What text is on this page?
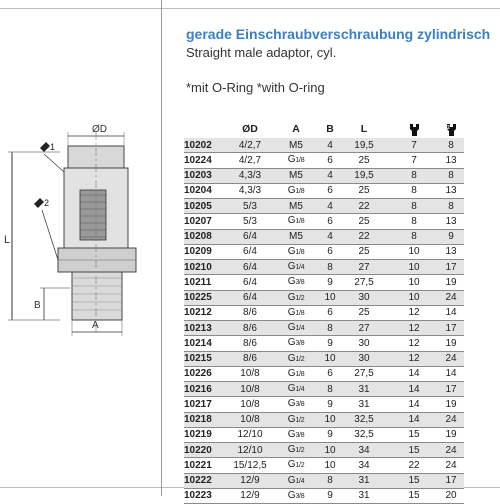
gerade Einschraubverschraubung zylindrisch
Straight male adaptor, cyl.
*mit O-Ring *with O-ring
L
B
ØD
A
1
2
	ØD	A	B	L		2

10202	4/2,7	M5	4	19,5	7	8
10224	4/2,7	G1/8	6	25	7	13
10203	4,3/3	M5	4	19,5	8	8
10204	4,3/3	G1/8	6	25	8	13
10205	5/3	M5	4	22	8	8
10207	5/3	G1/8	6	25	8	13
10208	6/4	M5	4	22	8	9
10209	6/4	G1/8	6	25	10	13
10210	6/4	G1/4	8	27	10	17
10211	6/4	G3/8	9	27,5	10	19
10225	6/4	G1/2	10	30	10	24
10212	8/6	G1/8	6	25	12	14
10213	8/6	G1/4	8	27	12	17
10214	8/6	G3/8	9	30	12	19
10215	8/6	G1/2	10	30	12	24
10226	10/8	G1/8	6	27,5	14	14
10216	10/8	G1/4	8	31	14	17
10217	10/8	G3/8	9	31	14	19
10218	10/8	G1/2	10	32,5	14	24
10219	12/10	G3/8	9	32,5	15	19
10220	12/10	G1/2	10	34	15	24
10221	15/12,5	G1/2	10	34	22	24
10222	12/9	G1/4	8	31	15	17
10223	12/9	G3/8	9	31	15	20
